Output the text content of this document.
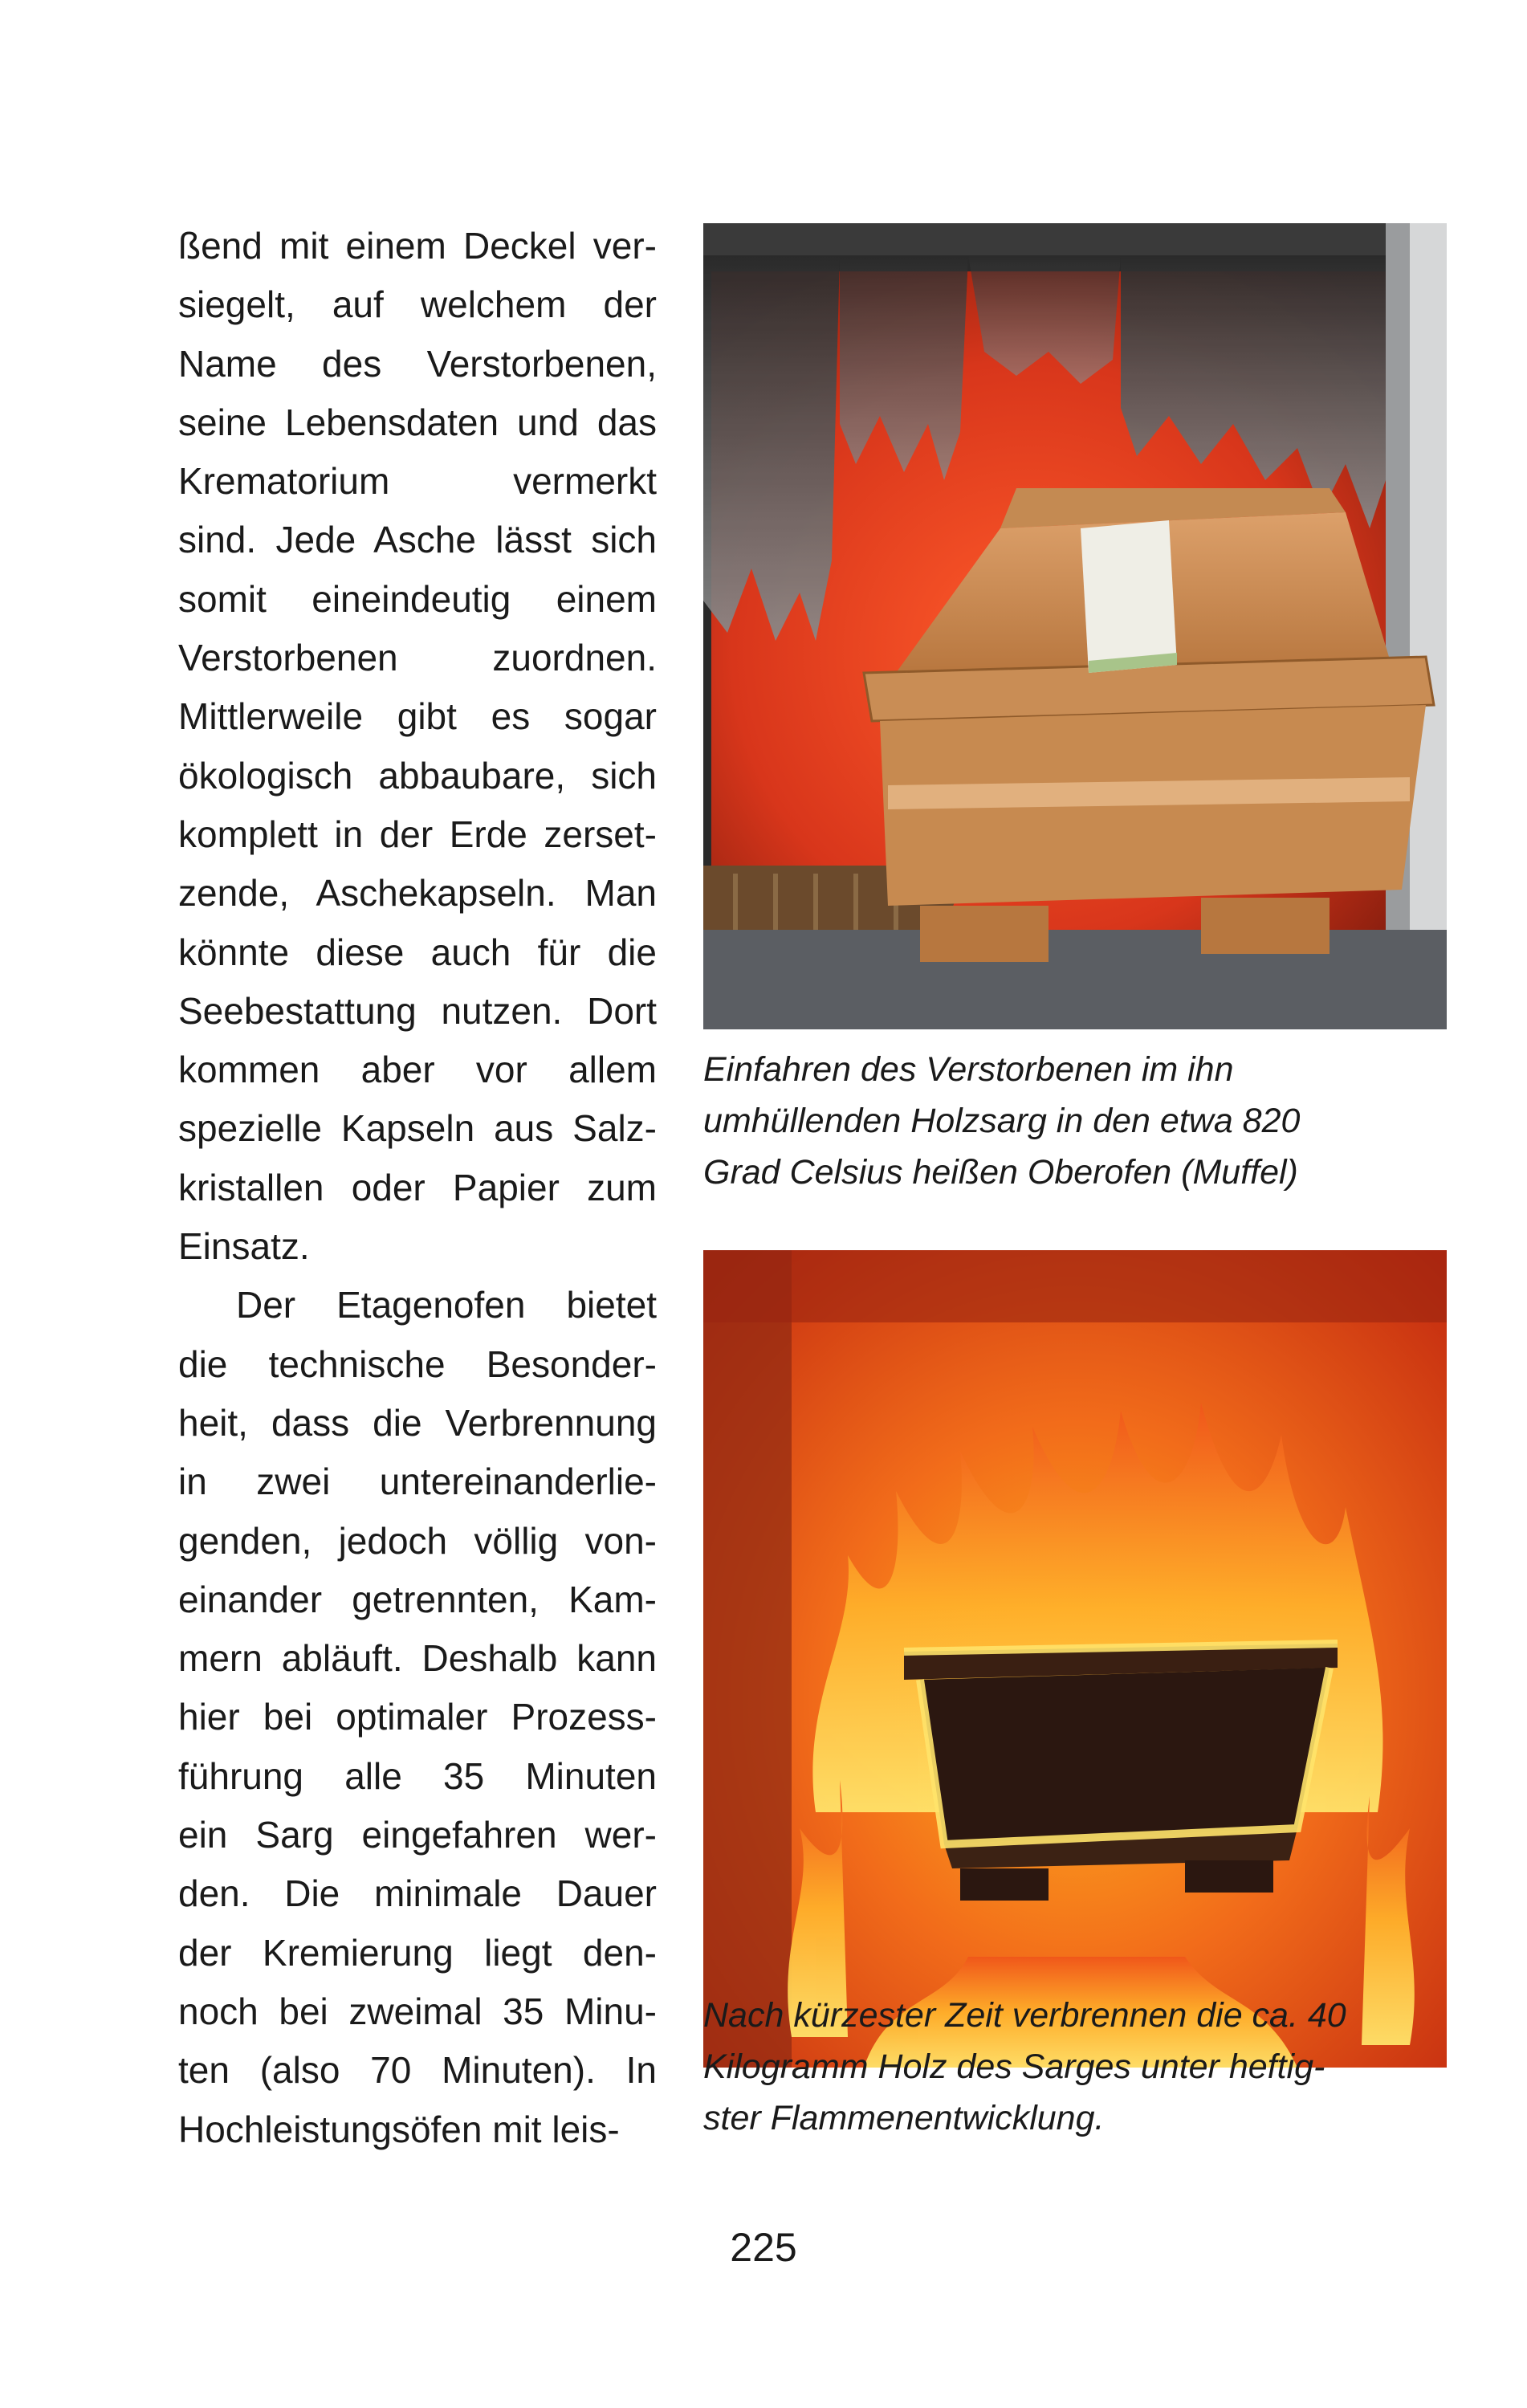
ßend mit einem Deckel ver-
siegelt, auf welchem der
Name des Verstorbenen,
seine Lebensdaten und das
Krematorium vermerkt
sind. Jede Asche lässt sich
somit eineindeutig einem
Verstorbenen zuordnen.
Mittlerweile gibt es sogar
ökologisch abbaubare, sich
komplett in der Erde zerset-
zende, Aschekapseln. Man
könnte diese auch für die
Seebestattung nutzen. Dort
kommen aber vor allem
spezielle Kapseln aus Salz-
kristallen oder Papier zum
Einsatz.

Der Etagenofen bietet
die technische Besonder-
heit, dass die Verbrennung
in zwei untereinanderlie-
genden, jedoch völlig von-
einander getrennten, Kam-
mern abläuft. Deshalb kann
hier bei optimaler Prozess-
führung alle 35 Minuten
ein Sarg eingefahren wer-
den. Die minimale Dauer
der Kremierung liegt den-
noch bei zweimal 35 Minu-
ten (also 70 Minuten). In
Hochleistungsöfen mit leis-

Einfahren des Verstorbenen im ihn
umhüllenden Holzsarg in den etwa 820
Grad Celsius heißen Oberofen (Muffel)
Nach kürzester Zeit verbrennen die ca. 40
Kilogramm Holz des Sarges unter heftig-
ster Flammenentwicklung.
225
